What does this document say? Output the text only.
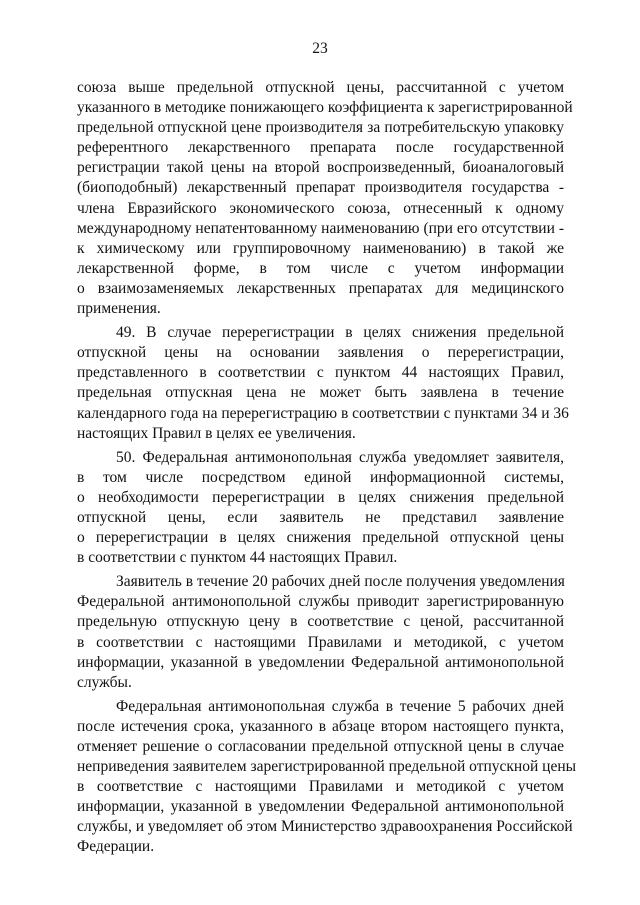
23
союза выше предельной отпускной цены, рассчитанной с учетом
указанного в методике понижающего коэффициента к зарегистрированной
предельной отпускной цене производителя за потребительскую упаковку
референтного лекарственного препарата после государственной
регистрации такой цены на второй воспроизведенный, биоаналоговый
(биоподобный) лекарственный препарат производителя государства -
члена Евразийского экономического союза, отнесенный к одному
международному непатентованному наименованию (при его отсутствии -
к химическому или группировочному наименованию) в такой же
лекарственной форме, в том числе с учетом информации
о взаимозаменяемых лекарственных препаратах для медицинского
применения.
49. В случае перерегистрации в целях снижения предельной
отпускной цены на основании заявления о перерегистрации,
представленного в соответствии с пунктом 44 настоящих Правил,
предельная отпускная цена не может быть заявлена в течение
календарного года на перерегистрацию в соответствии с пунктами 34 и 36
настоящих Правил в целях ее увеличения.
50. Федеральная антимонопольная служба уведомляет заявителя,
в том числе посредством единой информационной системы,
о необходимости перерегистрации в целях снижения предельной
отпускной цены, если заявитель не представил заявление
о перерегистрации в целях снижения предельной отпускной цены
в соответствии с пунктом 44 настоящих Правил.
Заявитель в течение 20 рабочих дней после получения уведомления
Федеральной антимонопольной службы приводит зарегистрированную
предельную отпускную цену в соответствие с ценой, рассчитанной
в соответствии с настоящими Правилами и методикой, с учетом
информации, указанной в уведомлении Федеральной антимонопольной
службы.
Федеральная антимонопольная служба в течение 5 рабочих дней
после истечения срока, указанного в абзаце втором настоящего пункта,
отменяет решение о согласовании предельной отпускной цены в случае
неприведения заявителем зарегистрированной предельной отпускной цены
в соответствие с настоящими Правилами и методикой с учетом
информации, указанной в уведомлении Федеральной антимонопольной
службы, и уведомляет об этом Министерство здравоохранения Российской
Федерации.
